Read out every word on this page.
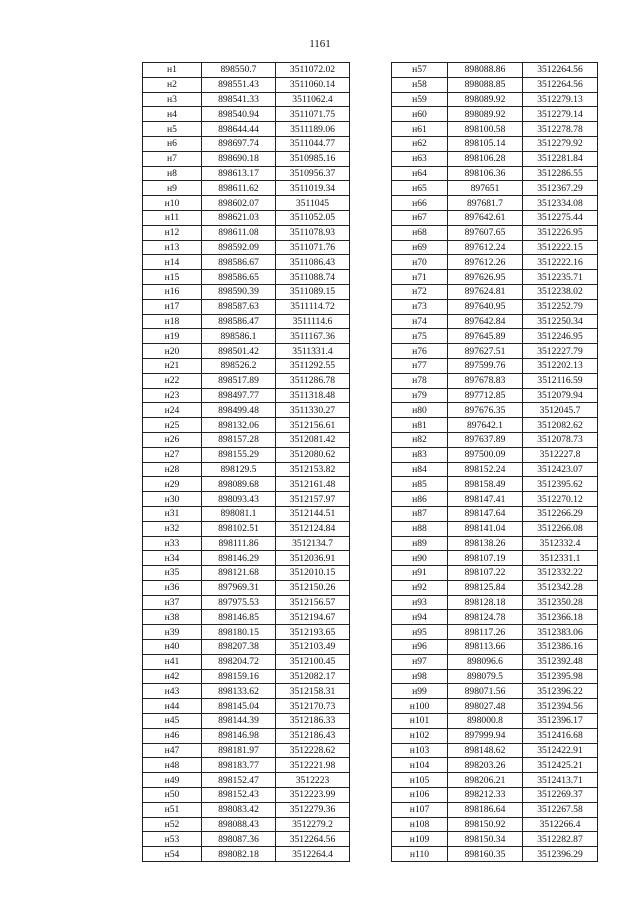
1161
н1	898550.7	3511072.02
н2	898551.43	3511060.14
н3	898541.33	3511062.4
н4	898540.94	3511071.75
н5	898644.44	3511189.06
н6	898697.74	3511044.77
н7	898690.18	3510985.16
н8	898613.17	3510956.37
н9	898611.62	3511019.34
н10	898602.07	3511045
н11	898621.03	3511052.05
н12	898611.08	3511078.93
н13	898592.09	3511071.76
н14	898586.67	3511086.43
н15	898586.65	3511088.74
н16	898590.39	3511089.15
н17	898587.63	3511114.72
н18	898586.47	3511114.6
н19	898586.1	3511167.36
н20	898501.42	3511331.4
н21	898526.2	3511292.55
н22	898517.89	3511286.78
н23	898497.77	3511318.48
н24	898499.48	3511330.27
н25	898132.06	3512156.61
н26	898157.28	3512081.42
н27	898155.29	3512080.62
н28	898129.5	3512153.82
н29	898089.68	3512161.48
н30	898093.43	3512157.97
н31	898081.1	3512144.51
н32	898102.51	3512124.84
н33	898111.86	3512134.7
н34	898146.29	3512036.91
н35	898121.68	3512010.15
н36	897969.31	3512150.26
н37	897975.53	3512156.57
н38	898146.85	3512194.67
н39	898180.15	3512193.65
н40	898207.38	3512103.49
н41	898204.72	3512100.45
н42	898159.16	3512082.17
н43	898133.62	3512158.31
н44	898145.04	3512170.73
н45	898144.39	3512186.33
н46	898146.98	3512186.43
н47	898181.97	3512228.62
н48	898183.77	3512221.98
н49	898152.47	3512223
н50	898152.43	3512223.99
н51	898083.42	3512279.36
н52	898088.43	3512279.2
н53	898087.36	3512264.56
н54	898082.18	3512264.4
н57	898088.86	3512264.56
н58	898088.85	3512264.56
н59	898089.92	3512279.13
н60	898089.92	3512279.14
н61	898100.58	3512278.78
н62	898105.14	3512279.92
н63	898106.28	3512281.84
н64	898106.36	3512286.55
н65	897651	3512367.29
н66	897681.7	3512334.08
н67	897642.61	3512275.44
н68	897607.65	3512226.95
н69	897612.24	3512222.15
н70	897612.26	3512222.16
н71	897626.95	3512235.71
н72	897624.81	3512238.02
н73	897640.95	3512252.79
н74	897642.84	3512250.34
н75	897645.89	3512246.95
н76	897627.51	3512227.79
н77	897599.76	3512202.13
н78	897678.83	3512116.59
н79	897712.85	3512079.94
н80	897676.35	3512045.7
н81	897642.1	3512082.62
н82	897637.89	3512078.73
н83	897500.09	3512227.8
н84	898152.24	3512423.07
н85	898158.49	3512395.62
н86	898147.41	3512270.12
н87	898147.64	3512266.29
н88	898141.04	3512266.08
н89	898138.26	3512332.4
н90	898107.19	3512331.1
н91	898107.22	3512332.22
н92	898125.84	3512342.28
н93	898128.18	3512350.28
н94	898124.78	3512366.18
н95	898117.26	3512383.06
н96	898113.66	3512386.16
н97	898096.6	3512392.48
н98	898079.5	3512395.98
н99	898071.56	3512396.22
н100	898027.48	3512394.56
н101	898000.8	3512396.17
н102	897999.94	3512416.68
н103	898148.62	3512422.91
н104	898203.26	3512425.21
н105	898206.21	3512413.71
н106	898212.33	3512269.37
н107	898186.64	3512267.58
н108	898150.92	3512266.4
н109	898150.34	3512282.87
н110	898160.35	3512396.29
